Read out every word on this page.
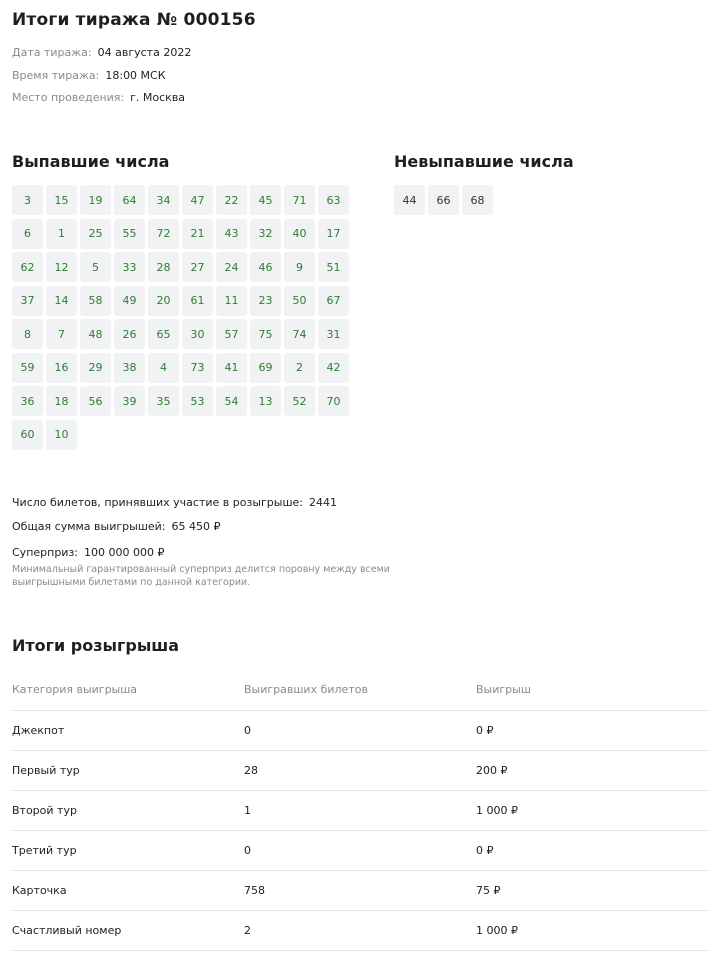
Итоги тиража № 000156
Дата тиража: 04 августа 2022
Время тиража: 18:00 МСК
Место проведения: г. Москва
Выпавшие числа	Невыпавшие числа
3	15	19	64	34	47	22	45	71	63
6	1	25	55	72	21	43	32	40	17
62	12	5	33	28	27	24	46	9	51
37	14	58	49	20	61	11	23	50	67
8	7	48	26	65	30	57	75	74	31
59	16	29	38	4	73	41	69	2	42
36	18	56	39	35	53	54	13	52	70
60	10
44	66	68
Число билетов, принявших участие в розыгрыше: 2441
Общая сумма выигрышей: 65 450 ₽
Суперприз: 100 000 000 ₽
Минимальный гарантированный суперприз делится поровну между всеми выигрышными билетами по данной категории.
Итоги розыгрыша
Категория выигрыша	Выигравших билетов	Выигрыш
Джекпот	0	0 ₽
Первый тур	28	200 ₽
Второй тур	1	1 000 ₽
Третий тур	0	0 ₽
Карточка	758	75 ₽
Счастливый номер	2	1 000 ₽
